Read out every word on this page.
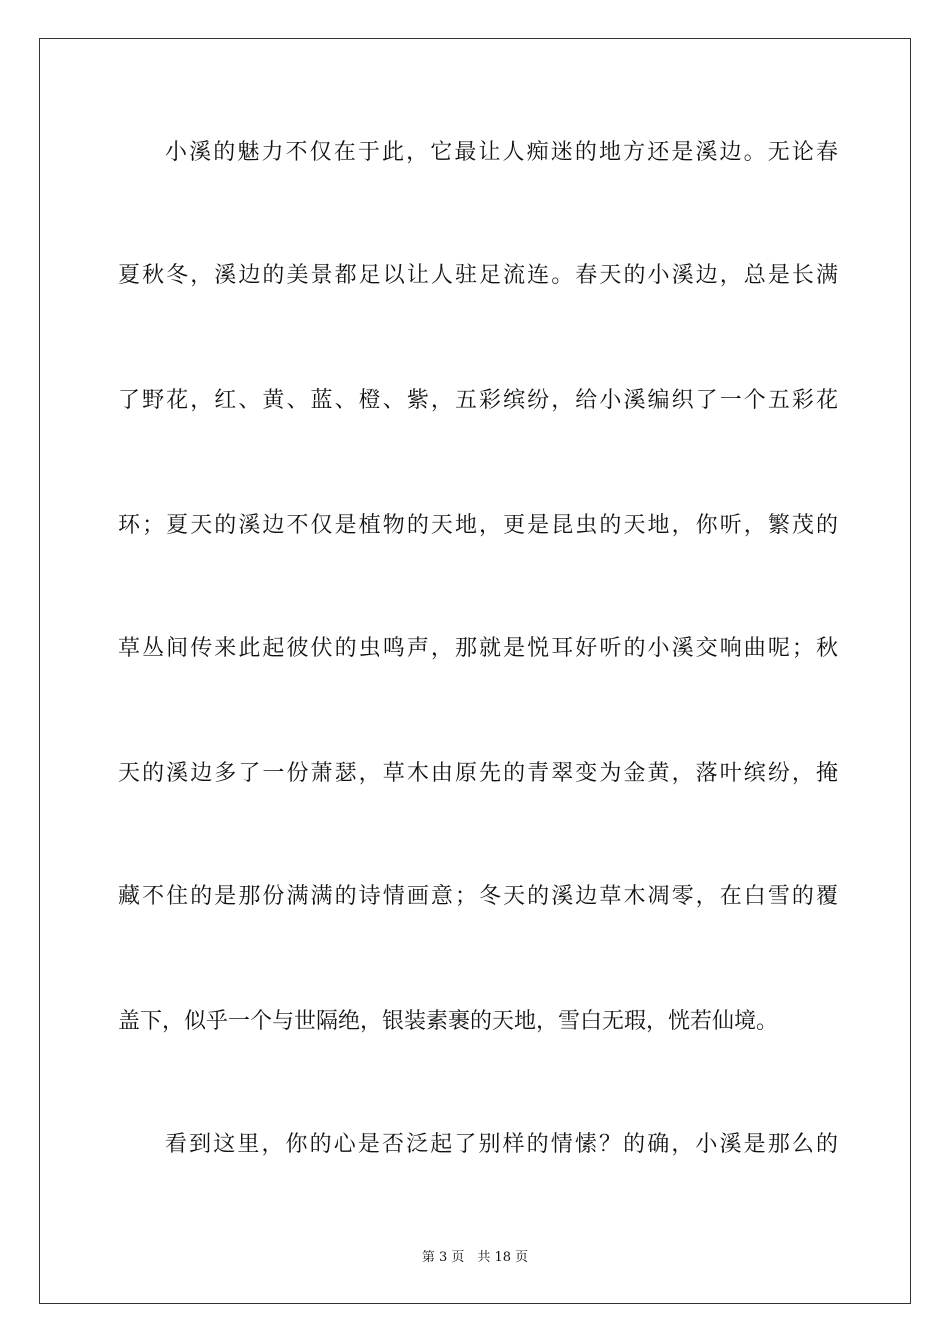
小溪的魅力不仅在于此，它最让人痴迷的地方还是溪边。无论春
夏秋冬，溪边的美景都足以让人驻足流连。春天的小溪边，总是长满
了野花，红、黄、蓝、橙、紫，五彩缤纷，给小溪编织了一个五彩花
环；夏天的溪边不仅是植物的天地，更是昆虫的天地，你听，繁茂的
草丛间传来此起彼伏的虫鸣声，那就是悦耳好听的小溪交响曲呢；秋
天的溪边多了一份萧瑟，草木由原先的青翠变为金黄，落叶缤纷，掩
藏不住的是那份满满的诗情画意；冬天的溪边草木凋零，在白雪的覆
盖下，似乎一个与世隔绝，银装素裹的天地，雪白无瑕，恍若仙境。
看到这里，你的心是否泛起了别样的情愫？的确，小溪是那么的
第 3 页　共 18 页
